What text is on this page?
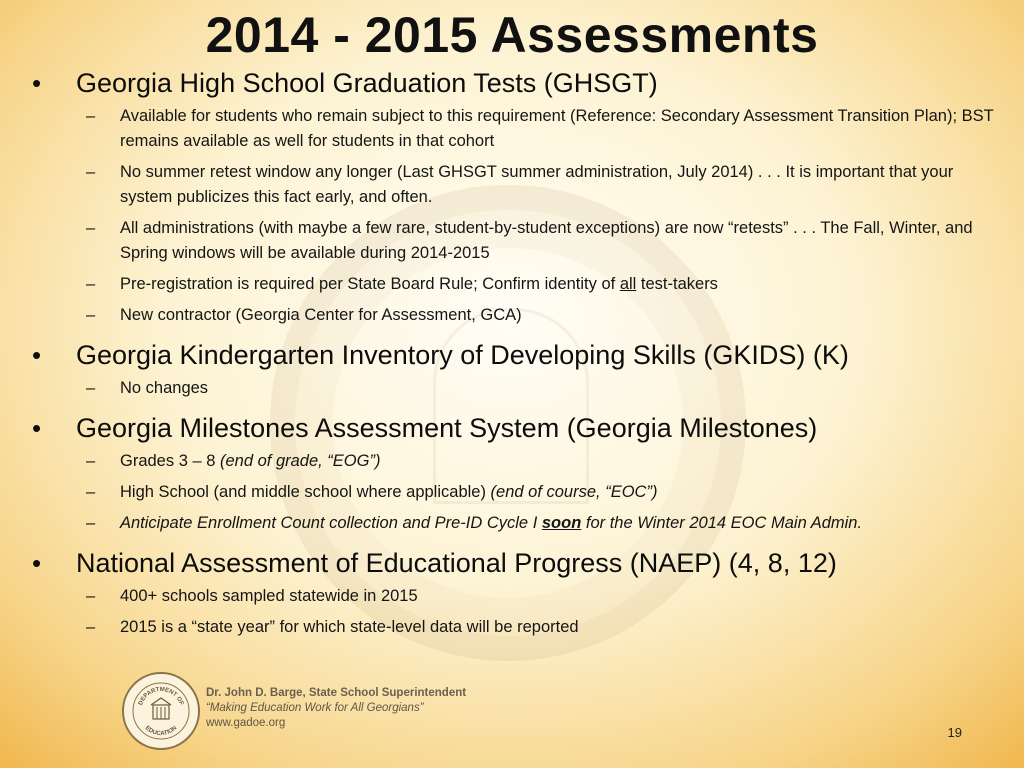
2014 - 2015 Assessments
• Georgia High School Graduation Tests (GHSGT)
– Available for students who remain subject to this requirement (Reference: Secondary Assessment Transition Plan); BST remains available as well for students in that cohort
– No summer retest window any longer (Last GHSGT summer administration, July 2014) . . . It is important that your system publicizes this fact early, and often.
– All administrations (with maybe a few rare, student-by-student exceptions) are now “retests” . . . The Fall, Winter, and Spring windows will be available during 2014-2015
– Pre-registration is required per State Board Rule; Confirm identity of all test-takers
– New contractor (Georgia Center for Assessment, GCA)
• Georgia Kindergarten Inventory of Developing Skills (GKIDS) (K)
– No changes
• Georgia Milestones Assessment System (Georgia Milestones)
– Grades 3 – 8 (end of grade, “EOG”)
– High School (and middle school where applicable) (end of course, “EOC”)
– Anticipate Enrollment Count collection and Pre-ID Cycle I soon for the Winter 2014 EOC Main Admin.
• National Assessment of Educational Progress (NAEP) (4, 8, 12)
– 400+ schools sampled statewide in 2015
– 2015 is a “state year” for which state-level data will be reported
DEPARTMENT OF
EDUCATION
Dr. John D. Barge, State School Superintendent
“Making Education Work for All Georgians”
www.gadoe.org
19
